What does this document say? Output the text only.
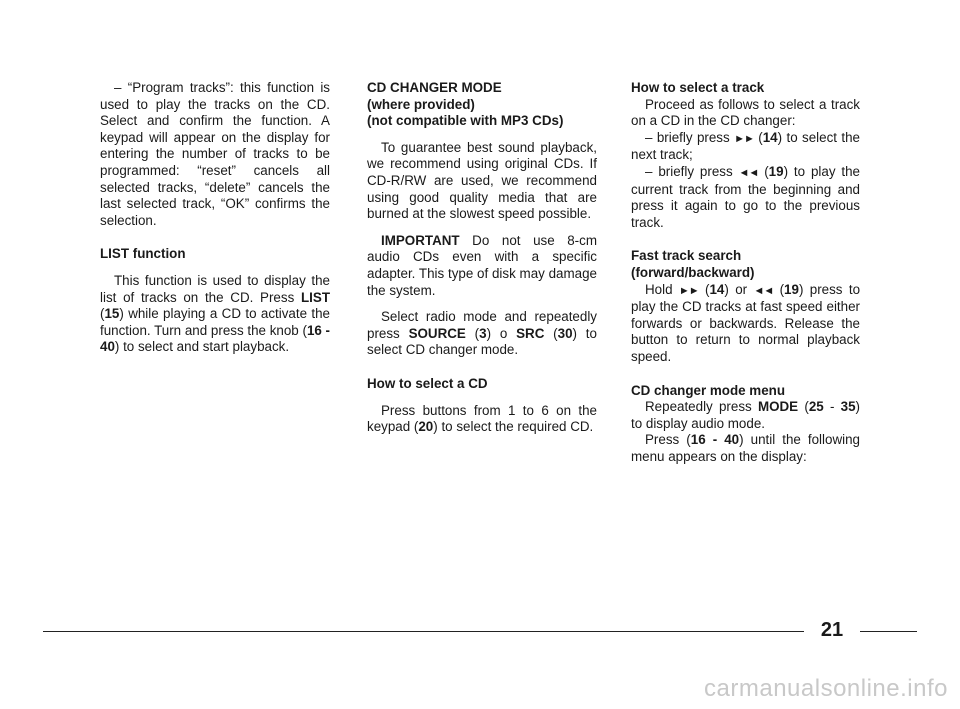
– “Program tracks”: this function is used to play the tracks on the CD. Select and confirm the function. A keypad will appear on the display for entering the number of tracks to be programmed: “reset” cancels all selected tracks, “delete” cancels the last selected track, “OK” confirms the selection.

LIST function

This function is used to display the list of tracks on the CD. Press LIST (15) while playing a CD to activate the function. Turn and press the knob (16 - 40) to select and start playback.

CD CHANGER MODE
(where provided)
(not compatible with MP3 CDs)

To guarantee best sound playback, we recommend using original CDs. If CD-R/RW are used, we recommend using good quality media that are burned at the slowest speed possible.

IMPORTANT Do not use 8-cm audio CDs even with a specific adapter. This type of disk may damage the system.

Select radio mode and repeatedly press SOURCE (3) o SRC (30) to select CD changer mode.

How to select a CD

Press buttons from 1 to 6 on the keypad (20) to select the required CD.

How to select a track

Proceed as follows to select a track on a CD in the CD changer:

– briefly press ►► (14) to select the next track;

– briefly press ◄◄ (19) to play the current track from the beginning and press it again to go to the previous track.

Fast track search
(forward/backward)

Hold ►► (14) or ◄◄ (19) press to play the CD tracks at fast speed either forwards or backwards. Release the button to return to normal playback speed.

CD changer mode menu

Repeatedly press MODE (25 - 35) to display audio mode.

Press (16 - 40) until the following menu appears on the display:

21
carmanualsonline.info
